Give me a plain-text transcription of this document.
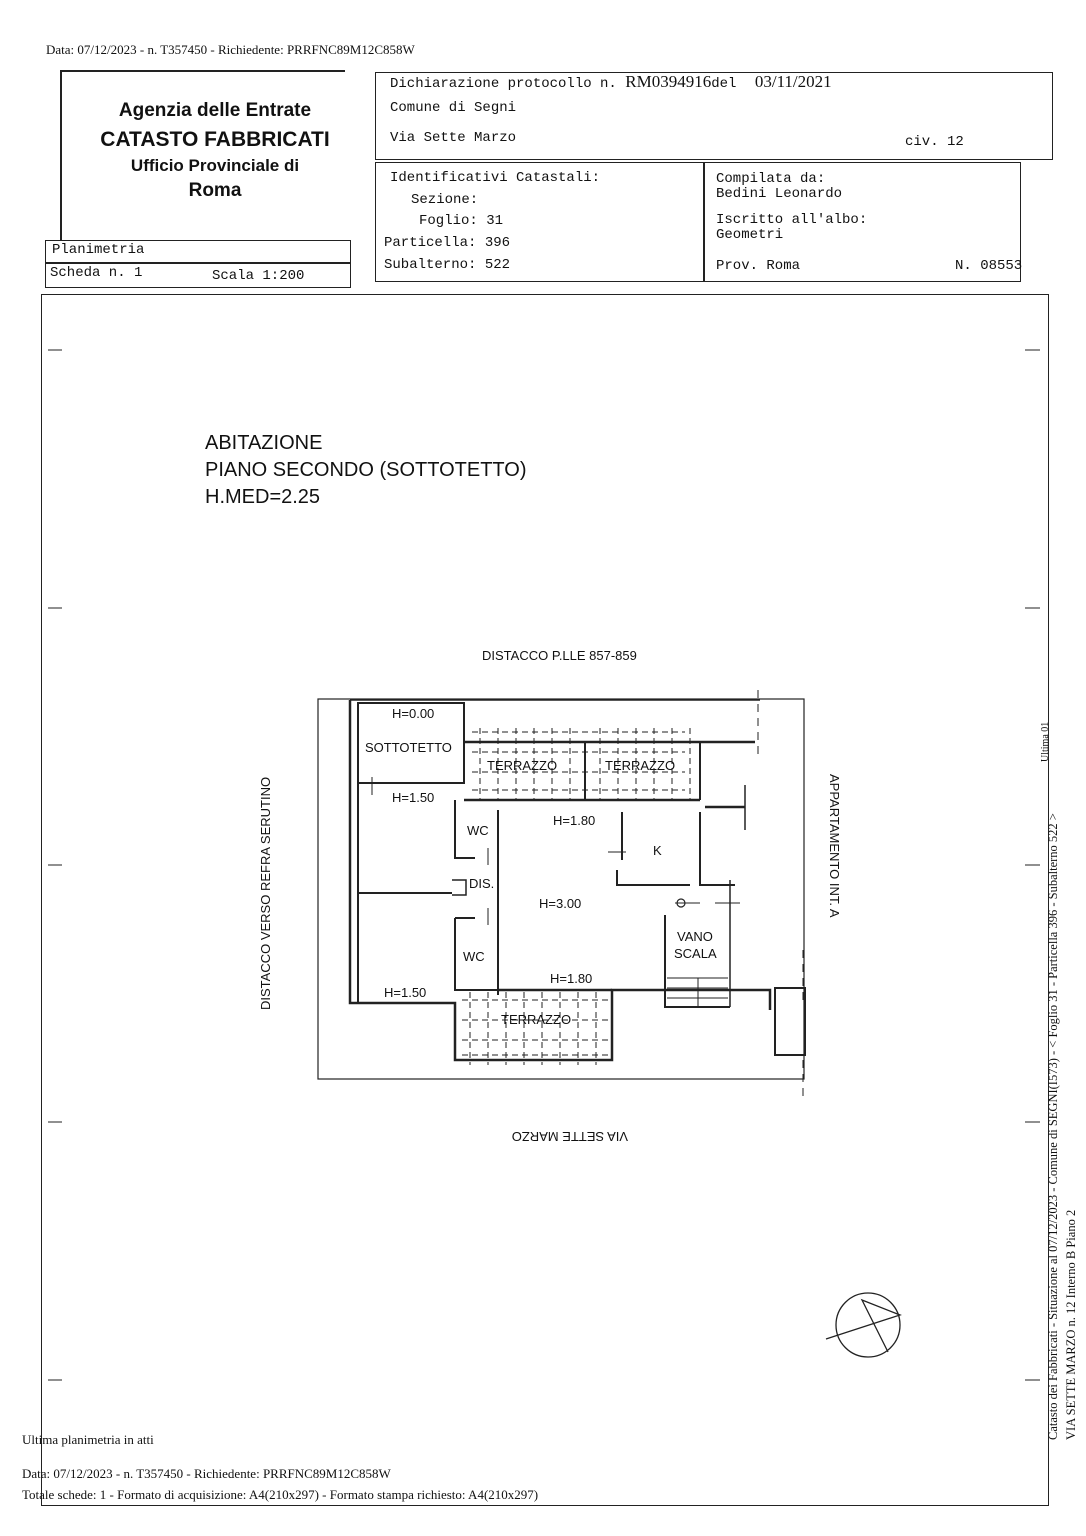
Data: 07/12/2023 - n. T357450 - Richiedente: PRRFNC89M12C858W
Agenzia delle Entrate
CATASTO FABBRICATI
Ufficio Provinciale di
Roma
Dichiarazione protocollo n. RM0394916del 03/11/2021
Comune di Segni
Via Sette Marzo	civ. 12
Identificativi Catastali:
Sezione:
Foglio: 31
Particella: 396
Subalterno: 522
Compilata da:
Bedini Leonardo
Iscritto all'albo:
Geometri
Prov. Roma	N. 08553
Planimetria
Scheda n. 1	Scala 1:200
ABITAZIONE
PIANO SECONDO (SOTTOTETTO)
H.MED=2.25
DISTACCO P.LLE 857-859
H=0.00
SOTTOTETTO
TERRAZZO	TERRAZZO
H=1.50
WC
H=1.80
K
DIS.
H=3.00
VANO
SCALA
WC
H=1.80
H=1.50
TERRAZZO
DISTACCO VERSO REFRA SERUTINO	APPARTAMENTO INT. A
VIA SETTE MARZO	Catasto dei Fabbricati - Situazione al 07/12/2023 - Comune di SEGNI(I573) - < Foglio 31 - Particella 396 - Subalterno 522 > VIA SETTE MARZO n. 12 Interno B Piano 2
Ultima 01
Ultima planimetria in atti
Data: 07/12/2023 - n. T357450 - Richiedente: PRRFNC89M12C858W
Totale schede: 1 - Formato di acquisizione: A4(210x297) - Formato stampa richiesto: A4(210x297)
